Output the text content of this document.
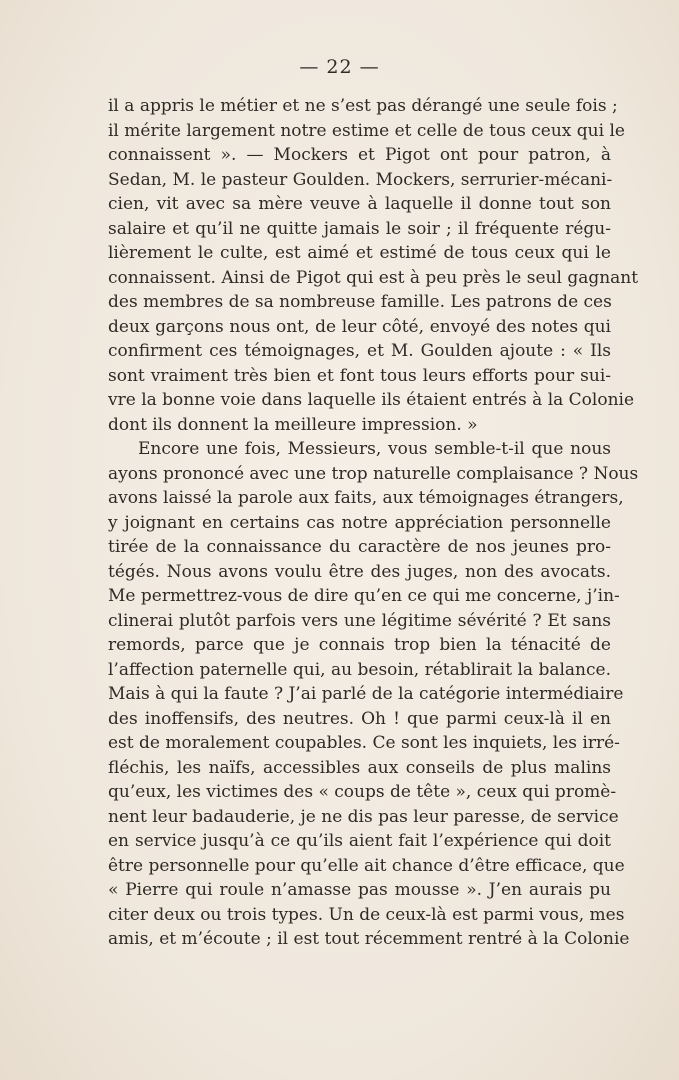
— 22 —
il a appris le métier et ne s’est pas dérangé une seule fois ;
il mérite largement notre estime et celle de tous ceux qui le
connaissent ». — Mockers et Pigot ont pour patron, à
Sedan, M. le pasteur Goulden. Mockers, serrurier-mécani-
cien, vit avec sa mère veuve à laquelle il donne tout son
salaire et qu’il ne quitte jamais le soir ; il fréquente régu-
lièrement le culte, est aimé et estimé de tous ceux qui le
connaissent. Ainsi de Pigot qui est à peu près le seul gagnant
des membres de sa nombreuse famille. Les patrons de ces
deux garçons nous ont, de leur côté, envoyé des notes qui
confirment ces témoignages, et M. Goulden ajoute : « Ils
sont vraiment très bien et font tous leurs efforts pour sui-
vre la bonne voie dans laquelle ils étaient entrés à la Colonie
dont ils donnent la meilleure impression. »
Encore une fois, Messieurs, vous semble-t-il que nous
ayons prononcé avec une trop naturelle complaisance ? Nous
avons laissé la parole aux faits, aux témoignages étrangers,
y joignant en certains cas notre appréciation personnelle
tirée de la connaissance du caractère de nos jeunes pro-
tégés. Nous avons voulu être des juges, non des avocats.
Me permettrez-vous de dire qu’en ce qui me concerne, j’in-
clinerai plutôt parfois vers une légitime sévérité ? Et sans
remords, parce que je connais trop bien la ténacité de
l’affection paternelle qui, au besoin, rétablirait la balance.
Mais à qui la faute ? J’ai parlé de la catégorie intermédiaire
des inoffensifs, des neutres. Oh ! que parmi ceux-là il en
est de moralement coupables. Ce sont les inquiets, les irré-
fléchis, les naïfs, accessibles aux conseils de plus malins
qu’eux, les victimes des « coups de tête », ceux qui promè-
nent leur badauderie, je ne dis pas leur paresse, de service
en service jusqu’à ce qu’ils aient fait l’expérience qui doit
être personnelle pour qu’elle ait chance d’être efficace, que
« Pierre qui roule n’amasse pas mousse ». J’en aurais pu
citer deux ou trois types. Un de ceux-là est parmi vous, mes
amis, et m’écoute ; il est tout récemment rentré à la Colonie
